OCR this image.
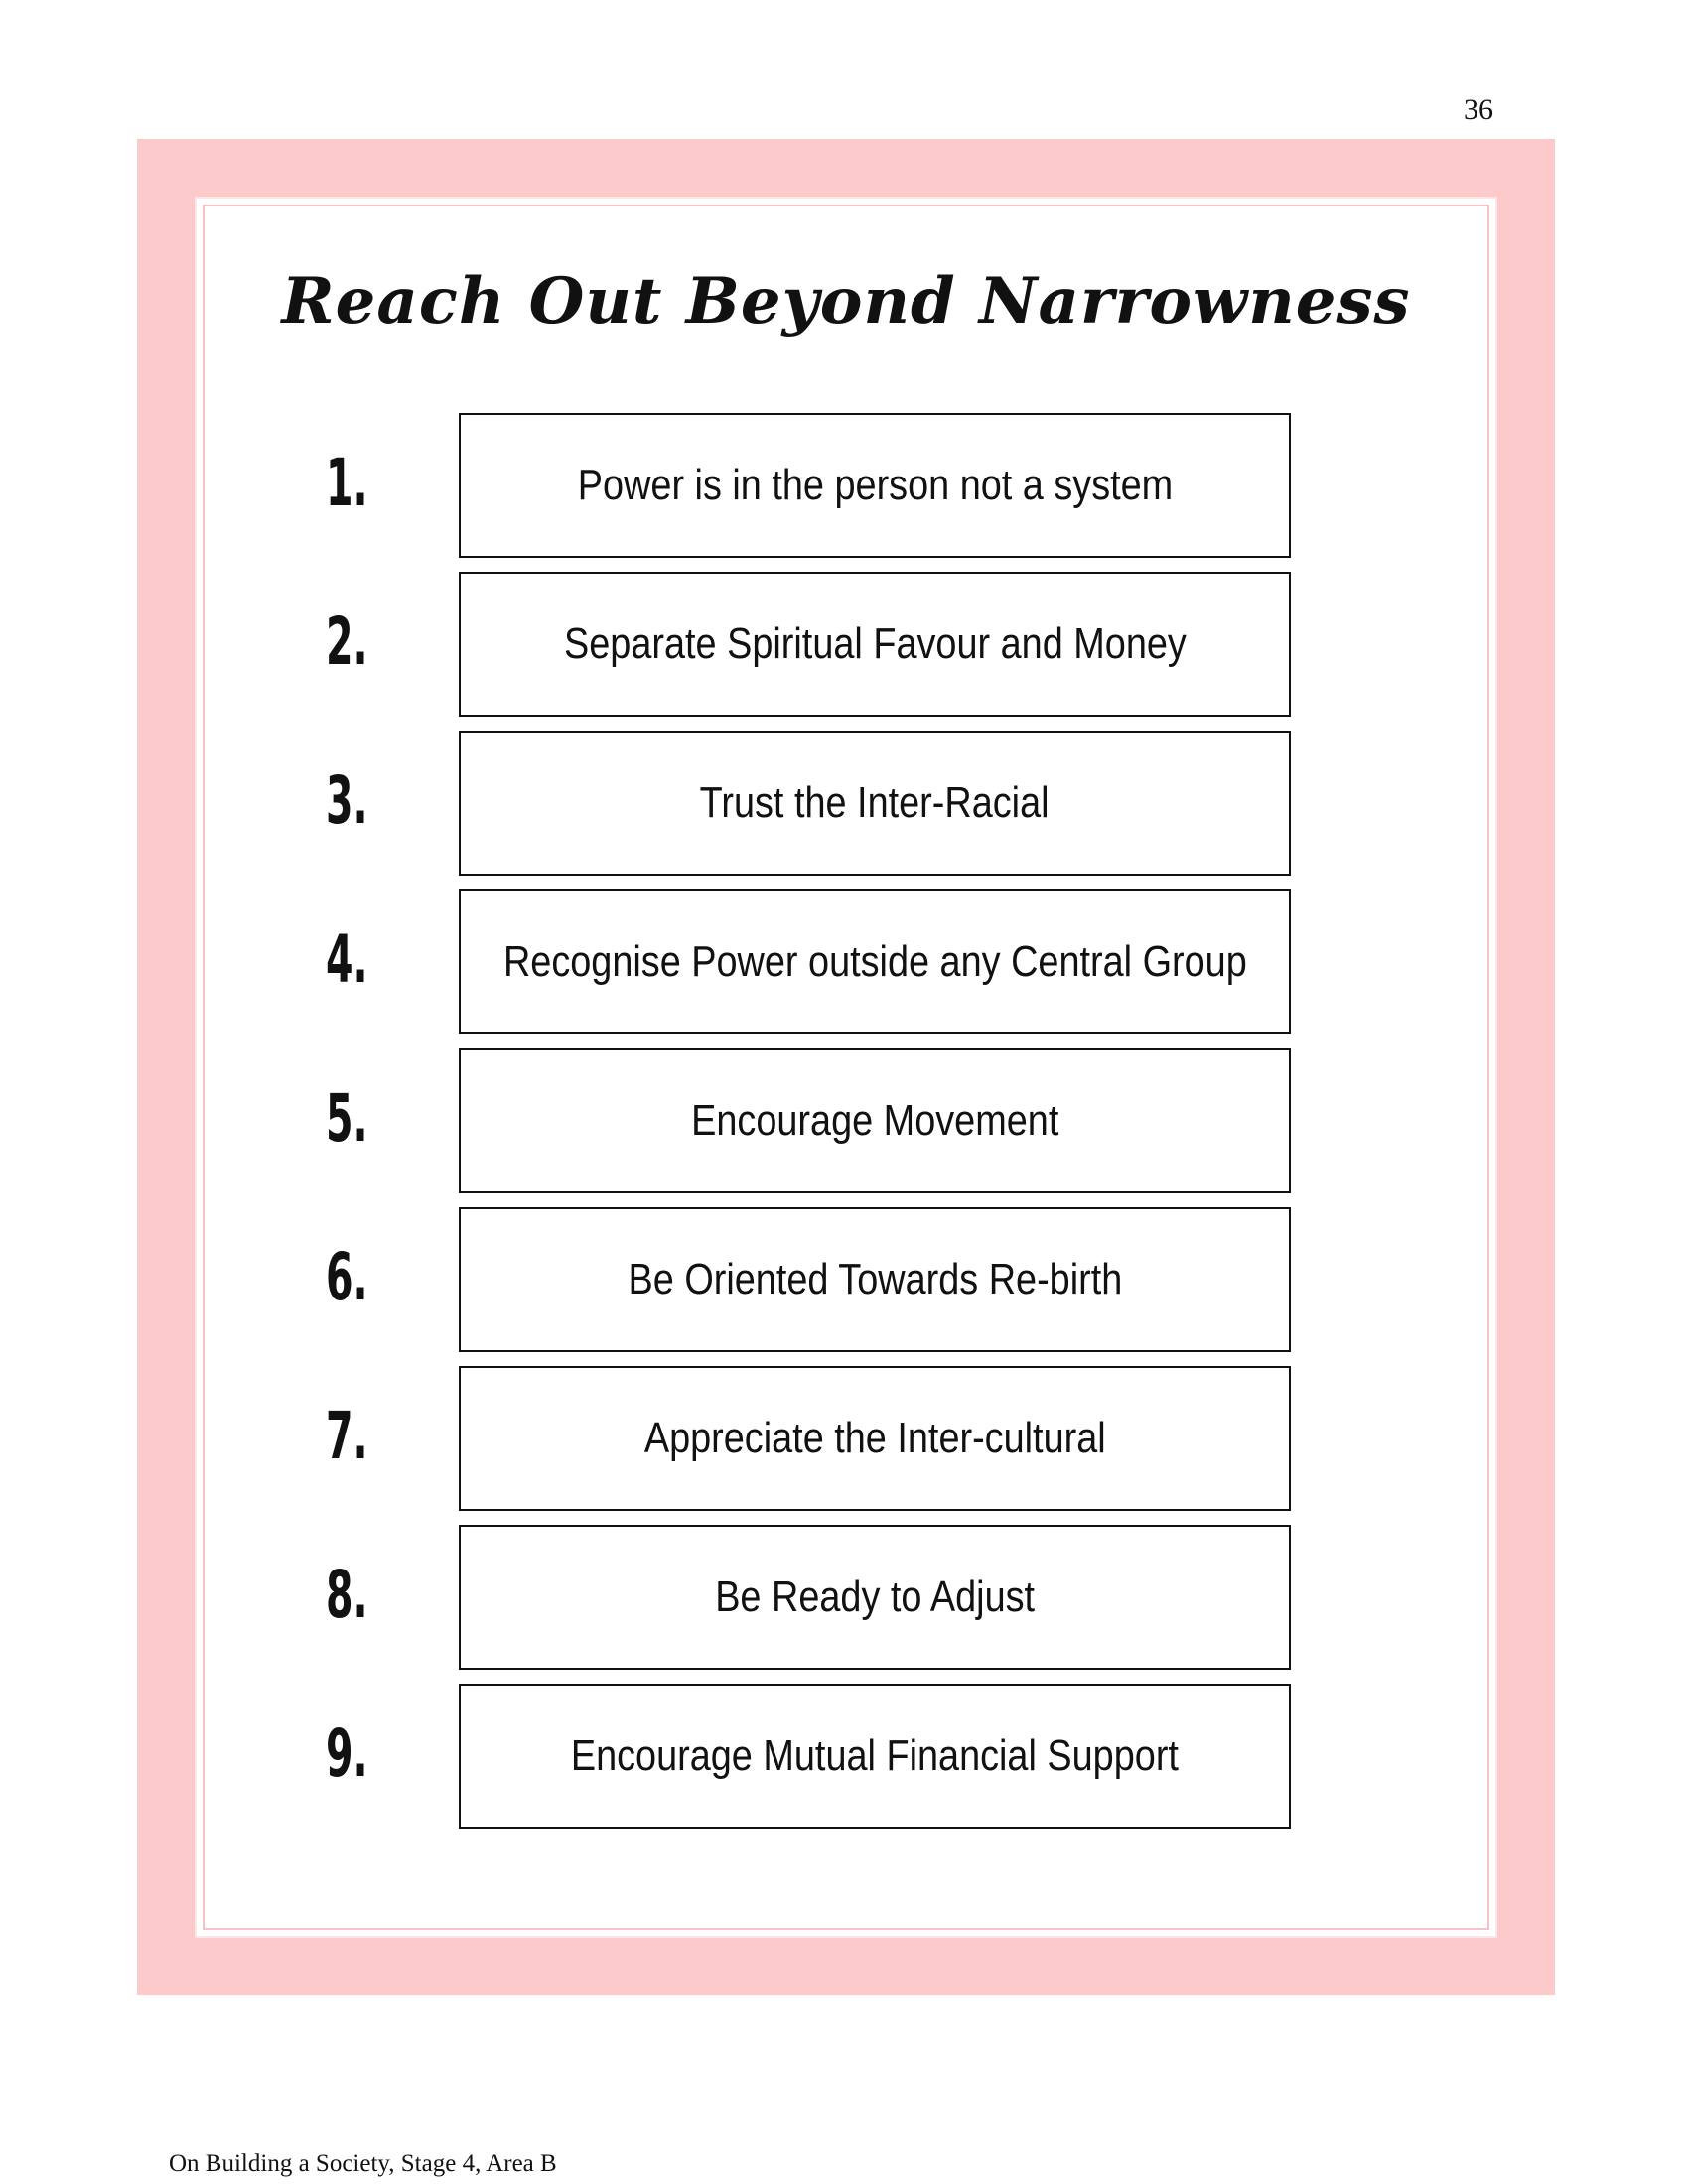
36
Reach Out Beyond Narrowness
1.	Power is in the person not a system
2.	Separate Spiritual Favour and Money
3.	Trust the Inter-Racial
4.	Recognise Power outside any Central Group
5.	Encourage Movement
6.	Be Oriented Towards Re-birth
7.	Appreciate the Inter-cultural
8.	Be Ready to Adjust
9.	Encourage Mutual Financial Support
On Building a Society, Stage 4, Area B
